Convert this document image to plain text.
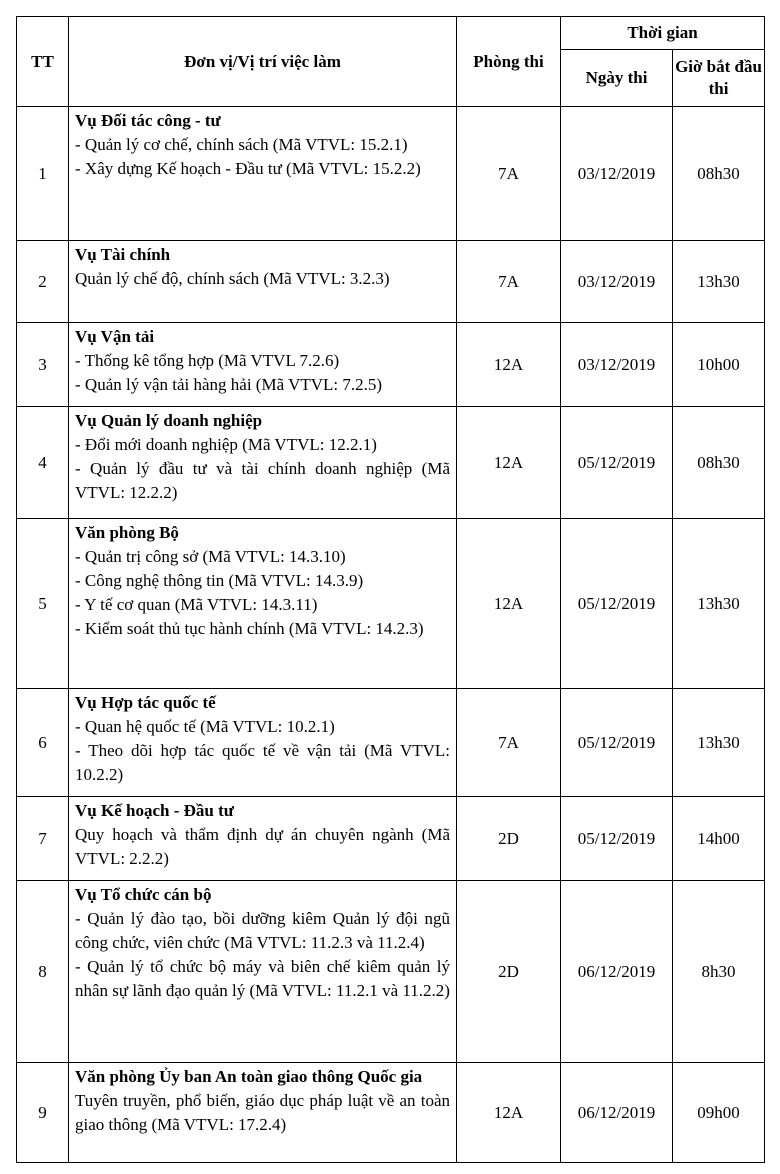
TT	Đơn vị/Vị trí việc làm	Phòng thi	Thời gian	
			Ngày thi	Giờ bắt đầu thi
1	Vụ Đối tác công - tư
- Quản lý cơ chế, chính sách (Mã VTVL: 15.2.1)
- Xây dựng Kế hoạch - Đầu tư (Mã VTVL: 15.2.2)	7A	03/12/2019	08h30
2	Vụ Tài chính
Quản lý chế độ, chính sách (Mã VTVL: 3.2.3)	7A	03/12/2019	13h30
3	Vụ Vận tải
- Thống kê tổng hợp (Mã VTVL 7.2.6)
- Quản lý vận tải hàng hải (Mã VTVL: 7.2.5)	12A	03/12/2019	10h00
4	Vụ Quản lý doanh nghiệp
- Đổi mới doanh nghiệp (Mã VTVL: 12.2.1)
- Quản lý đầu tư và tài chính doanh nghiệp (Mã VTVL: 12.2.2)	12A	05/12/2019	08h30
5	Văn phòng Bộ
- Quản trị công sở (Mã VTVL: 14.3.10)
- Công nghệ thông tin (Mã VTVL: 14.3.9)
- Y tế cơ quan (Mã VTVL: 14.3.11)
- Kiểm soát thủ tục hành chính (Mã VTVL: 14.2.3)	12A	05/12/2019	13h30
6	Vụ Hợp tác quốc tế
- Quan hệ quốc tế (Mã VTVL: 10.2.1)
- Theo dõi hợp tác quốc tế về vận tải (Mã VTVL: 10.2.2)	7A	05/12/2019	13h30
7	Vụ Kế hoạch - Đầu tư
Quy hoạch và thẩm định dự án chuyên ngành (Mã VTVL: 2.2.2)	2D	05/12/2019	14h00
8	Vụ Tổ chức cán bộ
- Quản lý đào tạo, bồi dưỡng kiêm Quản lý đội ngũ công chức, viên chức (Mã VTVL: 11.2.3 và 11.2.4)
- Quản lý tổ chức bộ máy và biên chế kiêm quản lý nhân sự lãnh đạo quản lý (Mã VTVL: 11.2.1 và 11.2.2)	2D	06/12/2019	8h30
9	Văn phòng Ủy ban An toàn giao thông Quốc gia
Tuyên truyền, phổ biến, giáo dục pháp luật về an toàn giao thông (Mã VTVL: 17.2.4)	12A	06/12/2019	09h00
